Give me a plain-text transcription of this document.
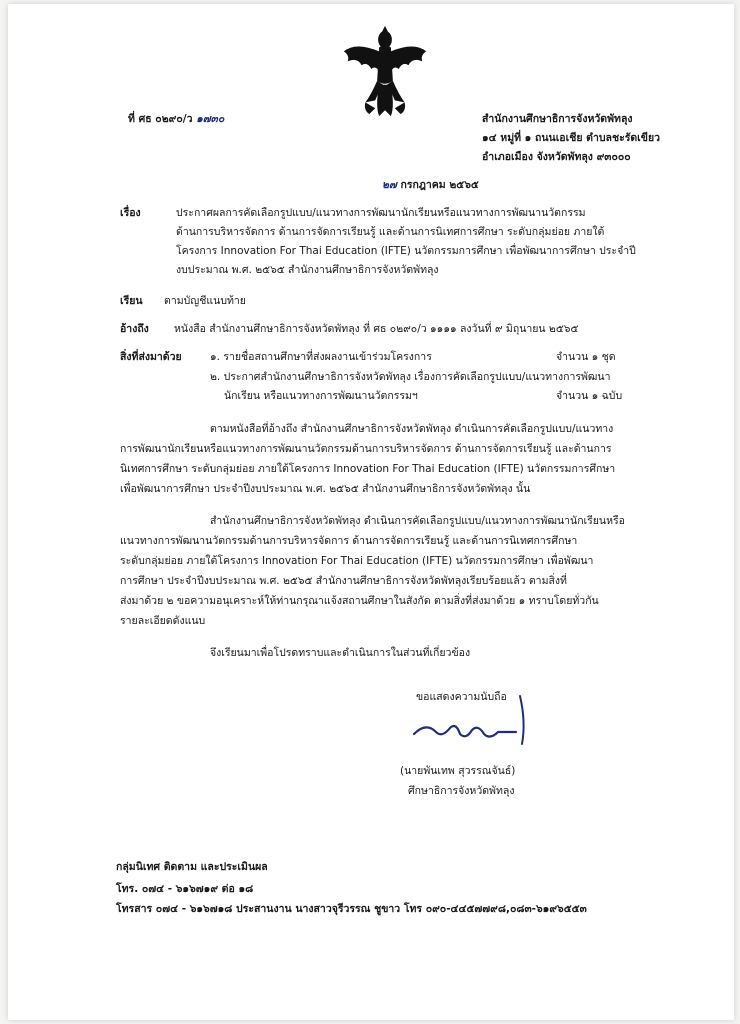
ที่ ศธ ๐๒๙๐/ว ๑๗๓๐	สำนักงานศึกษาธิการจังหวัดพัทลุง
๑๔ หมู่ที่ ๑ ถนนเอเชีย ตำบลชะรัดเขียว
อำเภอเมือง จังหวัดพัทลุง ๙๓๐๐๐
๒๗ กรกฎาคม ๒๕๖๕
เรื่อง	ประกาศผลการคัดเลือกรูปแบบ/แนวทางการพัฒนานักเรียนหรือแนวทางการพัฒนานวัตกรรม
ด้านการบริหารจัดการ ด้านการจัดการเรียนรู้ และด้านการนิเทศการศึกษา ระดับกลุ่มย่อย ภายใต้
โครงการ Innovation For Thai Education (IFTE) นวัตกรรมการศึกษา เพื่อพัฒนาการศึกษา ประจำปี
งบประมาณ พ.ศ. ๒๕๖๕ สำนักงานศึกษาธิการจังหวัดพัทลุง
เรียน ตามบัญชีแนบท้าย
อ้างถึง หนังสือ สำนักงานศึกษาธิการจังหวัดพัทลุง ที่ ศธ ๐๒๙๐/ว ๑๑๑๑ ลงวันที่ ๙ มิถุนายน ๒๕๖๕
สิ่งที่ส่งมาด้วย	๑. รายชื่อสถานศึกษาที่ส่งผลงานเข้าร่วมโครงการ	จำนวน ๑ ชุด
๒. ประกาศสำนักงานศึกษาธิการจังหวัดพัทลุง เรื่องการคัดเลือกรูปแบบ/แนวทางการพัฒนา
นักเรียน หรือแนวทางการพัฒนานวัตกรรมฯ	จำนวน ๑ ฉบับ
ตามหนังสือที่อ้างถึง สำนักงานศึกษาธิการจังหวัดพัทลุง ดำเนินการคัดเลือกรูปแบบ/แนวทาง
การพัฒนานักเรียนหรือแนวทางการพัฒนานวัตกรรมด้านการบริหารจัดการ ด้านการจัดการเรียนรู้ และด้านการ
นิเทศการศึกษา ระดับกลุ่มย่อย ภายใต้โครงการ Innovation For Thai Education (IFTE) นวัตกรรมการศึกษา
เพื่อพัฒนาการศึกษา ประจำปีงบประมาณ พ.ศ. ๒๕๖๕ สำนักงานศึกษาธิการจังหวัดพัทลุง นั้น
สำนักงานศึกษาธิการจังหวัดพัทลุง ดำเนินการคัดเลือกรูปแบบ/แนวทางการพัฒนานักเรียนหรือ
แนวทางการพัฒนานวัตกรรมด้านการบริหารจัดการ ด้านการจัดการเรียนรู้ และด้านการนิเทศการศึกษา
ระดับกลุ่มย่อย ภายใต้โครงการ Innovation For Thai Education (IFTE) นวัตกรรมการศึกษา เพื่อพัฒนา
การศึกษา ประจำปีงบประมาณ พ.ศ. ๒๕๖๕ สำนักงานศึกษาธิการจังหวัดพัทลุงเรียบร้อยแล้ว ตามสิ่งที่
ส่งมาด้วย ๒ ขอความอนุเคราะห์ให้ท่านกรุณาแจ้งสถานศึกษาในสังกัด ตามสิ่งที่ส่งมาด้วย ๑ ทราบโดยทั่วกัน
รายละเอียดดังแนบ
จึงเรียนมาเพื่อโปรดทราบและดำเนินการในส่วนที่เกี่ยวข้อง
ขอแสดงความนับถือ
(นายพันเทพ สุวรรณจันธ์)
ศึกษาธิการจังหวัดพัทลุง
กลุ่มนิเทศ ติดตาม และประเมินผล
โทร. ๐๗๔ - ๖๑๖๗๑๙ ต่อ ๑๘
โทรสาร ๐๗๔ - ๖๑๖๗๑๘ ประสานงาน นางสาวจุรีวรรณ ชูขาว โทร ๐๙๐-๔๔๕๗๗๙๘,๐๘๓-๖๑๙๖๕๕๓
